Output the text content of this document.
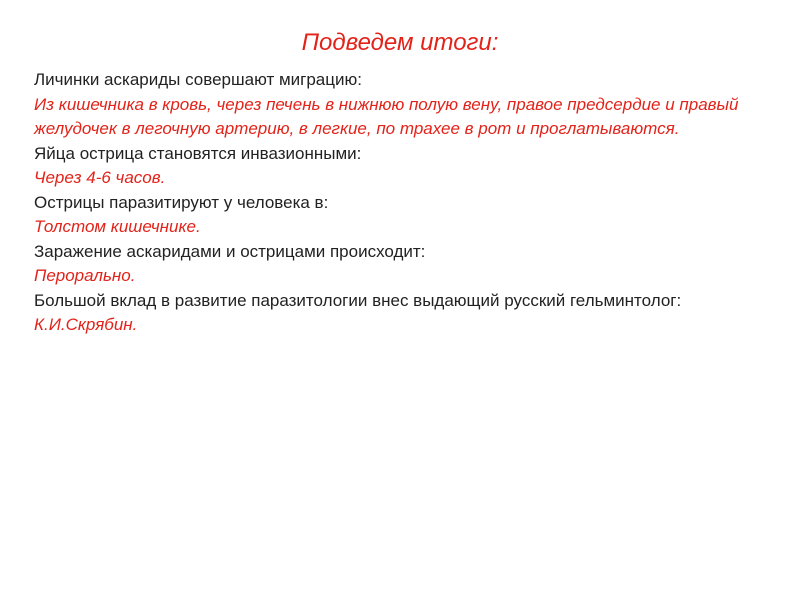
Подведем итоги:

Личинки аскариды совершают миграцию:

Из кишечника в кровь, через печень в нижнюю полую вену, правое предсердие и правый желудочек в легочную артерию, в легкие, по трахее в рот и проглатываются.

Яйца острица становятся инвазионными:

Через 4-6 часов.

Острицы паразитируют у человека в:

Толстом кишечнике.

Заражение аскаридами и острицами происходит:

Перорально.

Большой вклад в развитие паразитологии внес выдающий русский гельминтолог:

К.И.Скрябин.
